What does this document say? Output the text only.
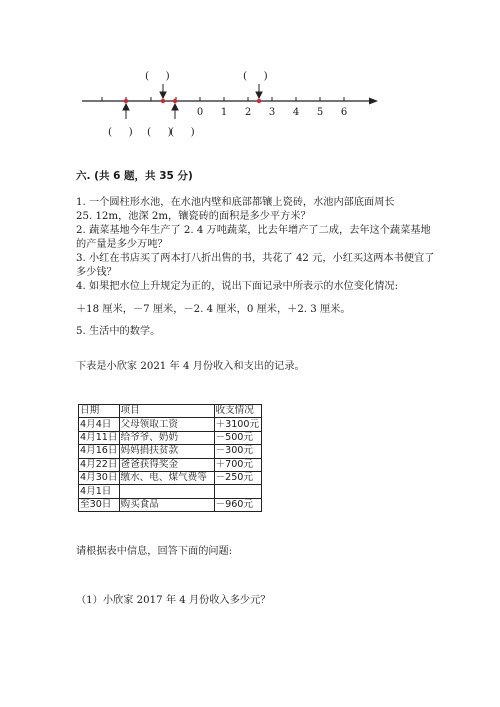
0 1 2 3 4 5 6
(　)	(　)
(　) (　)
(　)
六. (共 6 题，共 35 分)
1. 一个圆柱形水池，在水池内壁和底部都镶上瓷砖，水池内部底面周长
25. 12m，池深 2m，镶瓷砖的面积是多少平方米？
2. 蔬菜基地今年生产了 2. 4 万吨蔬菜，比去年增产了二成，去年这个蔬菜基地
的产量是多少万吨？
3. 小红在书店买了两本打八折出售的书，共花了 42 元，小红买这两本书便宜了
多少钱？
4. 如果把水位上升规定为正的，说出下面记录中所表示的水位变化情况:
＋18 厘米，－7 厘米，－2. 4 厘米，0 厘米，＋2. 3 厘米。
5. 生活中的数学。
下表是小欣家 2021 年 4 月份收入和支出的记录。
日期	项目	收支情况
4月4日	父母领取工资	＋3100元
4月11日	给爷爷、奶奶	－500元
4月16日	妈妈捐扶贫款	－300元
4月22日	爸爸获得奖金	＋700元
4月30日	缴水、电、煤气费等	－250元
4月1日		
至30日	购买食品	－960元
请根据表中信息，回答下面的问题:
（1）小欣家 2017 年 4 月份收入多少元？
